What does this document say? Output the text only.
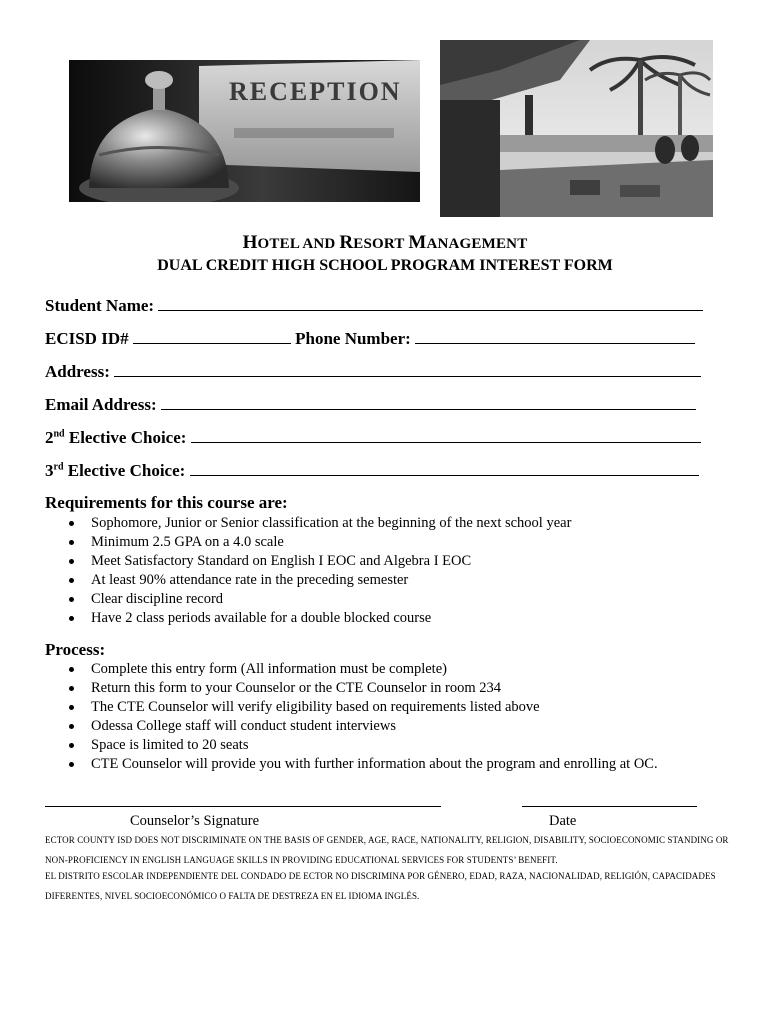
RECEPTION
HOTEL AND RESORT MANAGEMENT
DUAL CREDIT HIGH SCHOOL PROGRAM INTEREST FORM
Student Name:
ECISD ID#	Phone Number:
Address:
Email Address:
2nd Elective Choice:
3rd Elective Choice:
Requirements for this course are:
Sophomore, Junior or Senior classification at the beginning of the next school year
Minimum 2.5 GPA on a 4.0 scale
Meet Satisfactory Standard on English I EOC and Algebra I EOC
At least 90% attendance rate in the preceding semester
Clear discipline record
Have 2 class periods available for a double blocked course
Process:
Complete this entry form (All information must be complete)
Return this form to your Counselor or the CTE Counselor in room 234
The CTE Counselor will verify eligibility based on requirements listed above
Odessa College staff will conduct student interviews
Space is limited to 20 seats
CTE Counselor will provide you with further information about the program and enrolling at OC.
Counselor’s Signature	Date
ECTOR COUNTY ISD DOES NOT DISCRIMINATE ON THE BASIS OF GENDER, AGE, RACE, NATIONALITY, RELIGION, DISABILITY, SOCIOECONOMIC STANDING OR
NON-PROFICIENCY IN ENGLISH LANGUAGE SKILLS IN PROVIDING EDUCATIONAL SERVICES FOR STUDENTS’ BENEFIT.
EL DISTRITO ESCOLAR INDEPENDIENTE DEL CONDADO DE ECTOR NO DISCRIMINA POR GÉNERO, EDAD, RAZA, NACIONALIDAD, RELIGIÓN, CAPACIDADES
DIFERENTES, NIVEL SOCIOECONÓMICO O FALTA DE DESTREZA EN EL IDIOMA INGLÉS.
